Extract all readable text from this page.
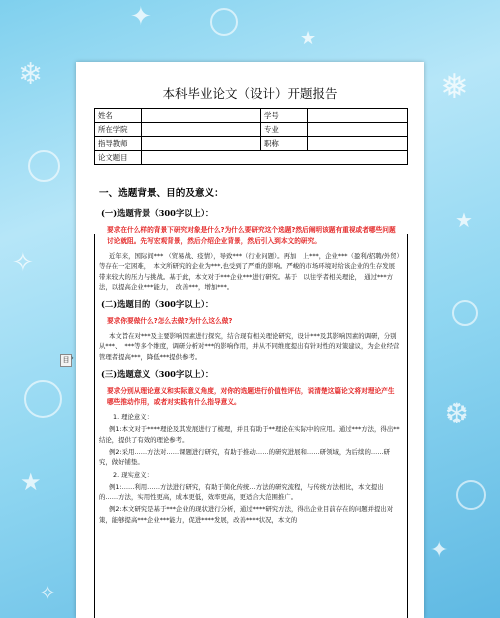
✦
★
❄	❅
★
✧
❆
★
✦
✧
目 ›
本科毕业论文（设计）开题报告
姓名		学号	
所在学院		专业	
指导教师		职称	
论文题目			
一、选题背景、目的及意义：
(一)选题背景（300字以上）：
要求在什么样的背景下研究对象是什么?为什么要研究这个选题?然后阐明该题有重视或者哪些问题讨论就阻。先写宏观背景，然后介绍企业背景，然后引入到本文的研究。
近年来，国际间*** （贸易战、疫情），导致***（行业问题）。再加　上***，企业***（盈利/招聘/外贸）等存在一定困难，　本文所研究的企业为***,也受到了严重的影响。严峻的市场环境对给该企业的生存发展带来较大的压力与挑战。基于此，本文对于***企业***进行研究。基于　以往学者相关理论，　通过***方法，以提高企业***能力，　改善***，增加***。
(二)选题目的（300字以上）：
要求你要做什么?怎么去做?为什么这么做?
本文旨在对***及主要影响因素进行探究，结合现有相关理论研究，设计***及其影响因素的调研，分别从***、　***等多个维度，调研分析对***的影响作用，并从不同维度提出有针对性的对策建议，为企业经营管理者提高***，降低***提供参考。
(三)选题意义（300字以上）：
要求分别从理论意义和实际意义角度，对你的选题进行价值性评估，说清楚这篇论文将对理论产生哪些推动作用，或者对实践有什么指导意义。
1. 理论意义：
例1:本文对于****理论及其发展进行了梳理，并且有助于**理论在实际中的应用。通过***方法，得出**结论，提供了有效的理论参考。
例2:采用……方法对……课题进行研究，有助于推动……的研究进展和……研领域，为后续的……研究，做好铺垫。
2. 现实意义：
例1:……利用……方法进行研究，有助于简化传统…方法的研究流程，与传统方法相比，本文提出的……方法，实用性更高，成本更低，效率更高，更适合大范围推广。
例2:本文研究是基于***企业的现状进行分析，通过****研究方法，得出企业目前存在的问题并提出对策，能够提高***企业***能力，促进****发展，改善****状况，本文的
